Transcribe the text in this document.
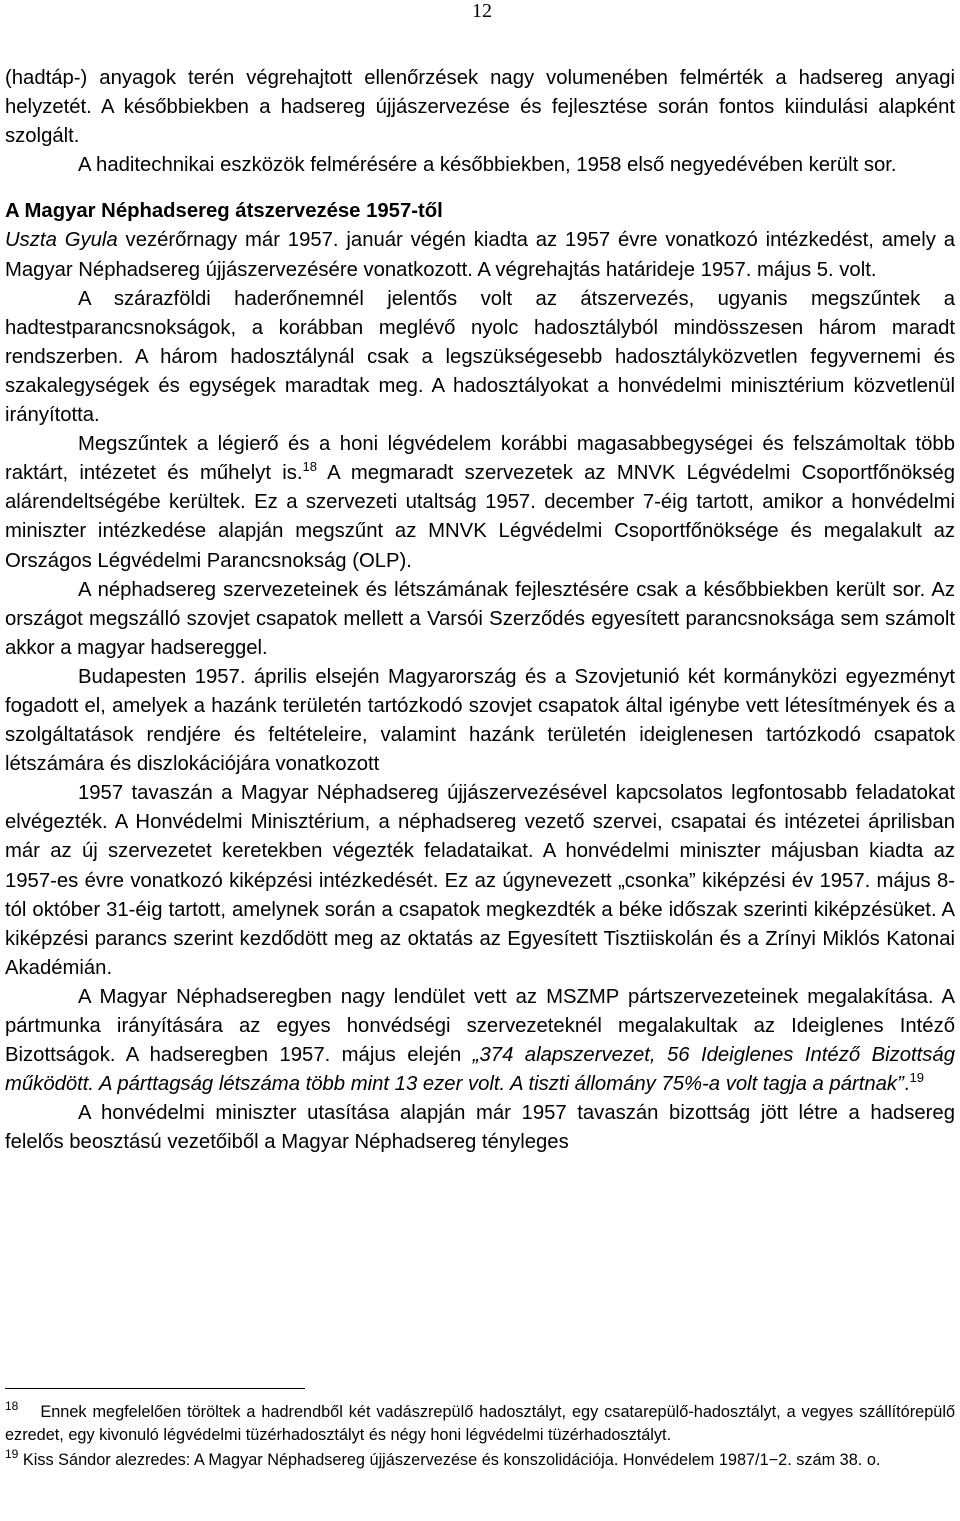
12

(hadtáp-) anyagok terén végrehajtott ellenőrzések nagy volumenében felmérték a hadsereg anyagi helyzetét. A későbbiekben a hadsereg újjászervezése és fejlesztése során fontos kiindulási alapként szolgált.

A haditechnikai eszközök felmérésére a későbbiekben, 1958 első negyedévében került sor.

A Magyar Néphadsereg átszervezése 1957-től

Uszta Gyula vezérőrnagy már 1957. január végén kiadta az 1957 évre vonatkozó intézkedést, amely a Magyar Néphadsereg újjászervezésére vonatkozott. A végrehajtás határideje 1957. május 5. volt.

A szárazföldi haderőnemnél jelentős volt az átszervezés, ugyanis megszűntek a hadtestparancsnokságok, a korábban meglévő nyolc hadosztályból mindösszesen három maradt rendszerben. A három hadosztálynál csak a legszükségesebb hadosztályközvetlen fegyvernemi és szakalegységek és egységek maradtak meg. A hadosztályokat a honvédelmi minisztérium közvetlenül irányította.

Megszűntek a légierő és a honi légvédelem korábbi magasabbegységei és felszámoltak több raktárt, intézetet és műhelyt is.$^{18}$ A megmaradt szervezetek az MNVK Légvédelmi Csoportfőnökség alárendeltségébe kerültek. Ez a szervezeti utaltság 1957. december 7-éig tartott, amikor a honvédelmi miniszter intézkedése alapján megszűnt az MNVK Légvédelmi Csoportfőnöksége és megalakult az Országos Légvédelmi Parancsnokság (OLP).

A néphadsereg szervezeteinek és létszámának fejlesztésére csak a későbbiekben került sor. Az országot megszálló szovjet csapatok mellett a Varsói Szerződés egyesített parancsnoksága sem számolt akkor a magyar hadsereggel.

Budapesten 1957. április elsején Magyarország és a Szovjetunió két kormányközi egyezményt fogadott el, amelyek a hazánk területén tartózkodó szovjet csapatok által igénybe vett létesítmények és a szolgáltatások rendjére és feltételeire, valamint hazánk területén ideiglenesen tartózkodó csapatok létszámára és diszlokációjára vonatkozott

1957 tavaszán a Magyar Néphadsereg újjászervezésével kapcsolatos legfontosabb feladatokat elvégezték. A Honvédelmi Minisztérium, a néphadsereg vezető szervei, csapatai és intézetei áprilisban már az új szervezetet keretekben végezték feladataikat. A honvédelmi miniszter májusban kiadta az 1957-es évre vonatkozó kiképzési intézkedését. Ez az úgynevezett „csonka” kiképzési év 1957. május 8-tól október 31-éig tartott, amelynek során a csapatok megkezdték a béke időszak szerinti kiképzésüket. A kiképzési parancs szerint kezdődött meg az oktatás az Egyesített Tisztiiskolán és a Zrínyi Miklós Katonai Akadémián.

A Magyar Néphadseregben nagy lendület vett az MSZMP pártszervezeteinek megalakítása. A pártmunka irányítására az egyes honvédségi szervezeteknél megalakultak az Ideiglenes Intéző Bizottságok. A hadseregben 1957. május elején „374 alapszervezet, 56 Ideiglenes Intéző Bizottság működött. A párttagság létszáma több mint 13 ezer volt. A tiszti állomány 75%-a volt tagja a pártnak”.$^{19}$

A honvédelmi miniszter utasítása alapján már 1957 tavaszán bizottság jött létre a hadsereg felelős beosztású vezetőiből a Magyar Néphadsereg tényleges

$^{18}$ Ennek megfelelően töröltek a hadrendből két vadászrepülő hadosztályt, egy csatarepülő-hadosztályt, a vegyes szállítórepülő ezredet, egy kivonuló légvédelmi tüzérhadosztályt és négy honi légvédelmi tüzérhadosztályt.

$^{19}$ Kiss Sándor alezredes: A Magyar Néphadsereg újjászervezése és konszolidációja. Honvédelem 1987/1−2. szám 38. o.
